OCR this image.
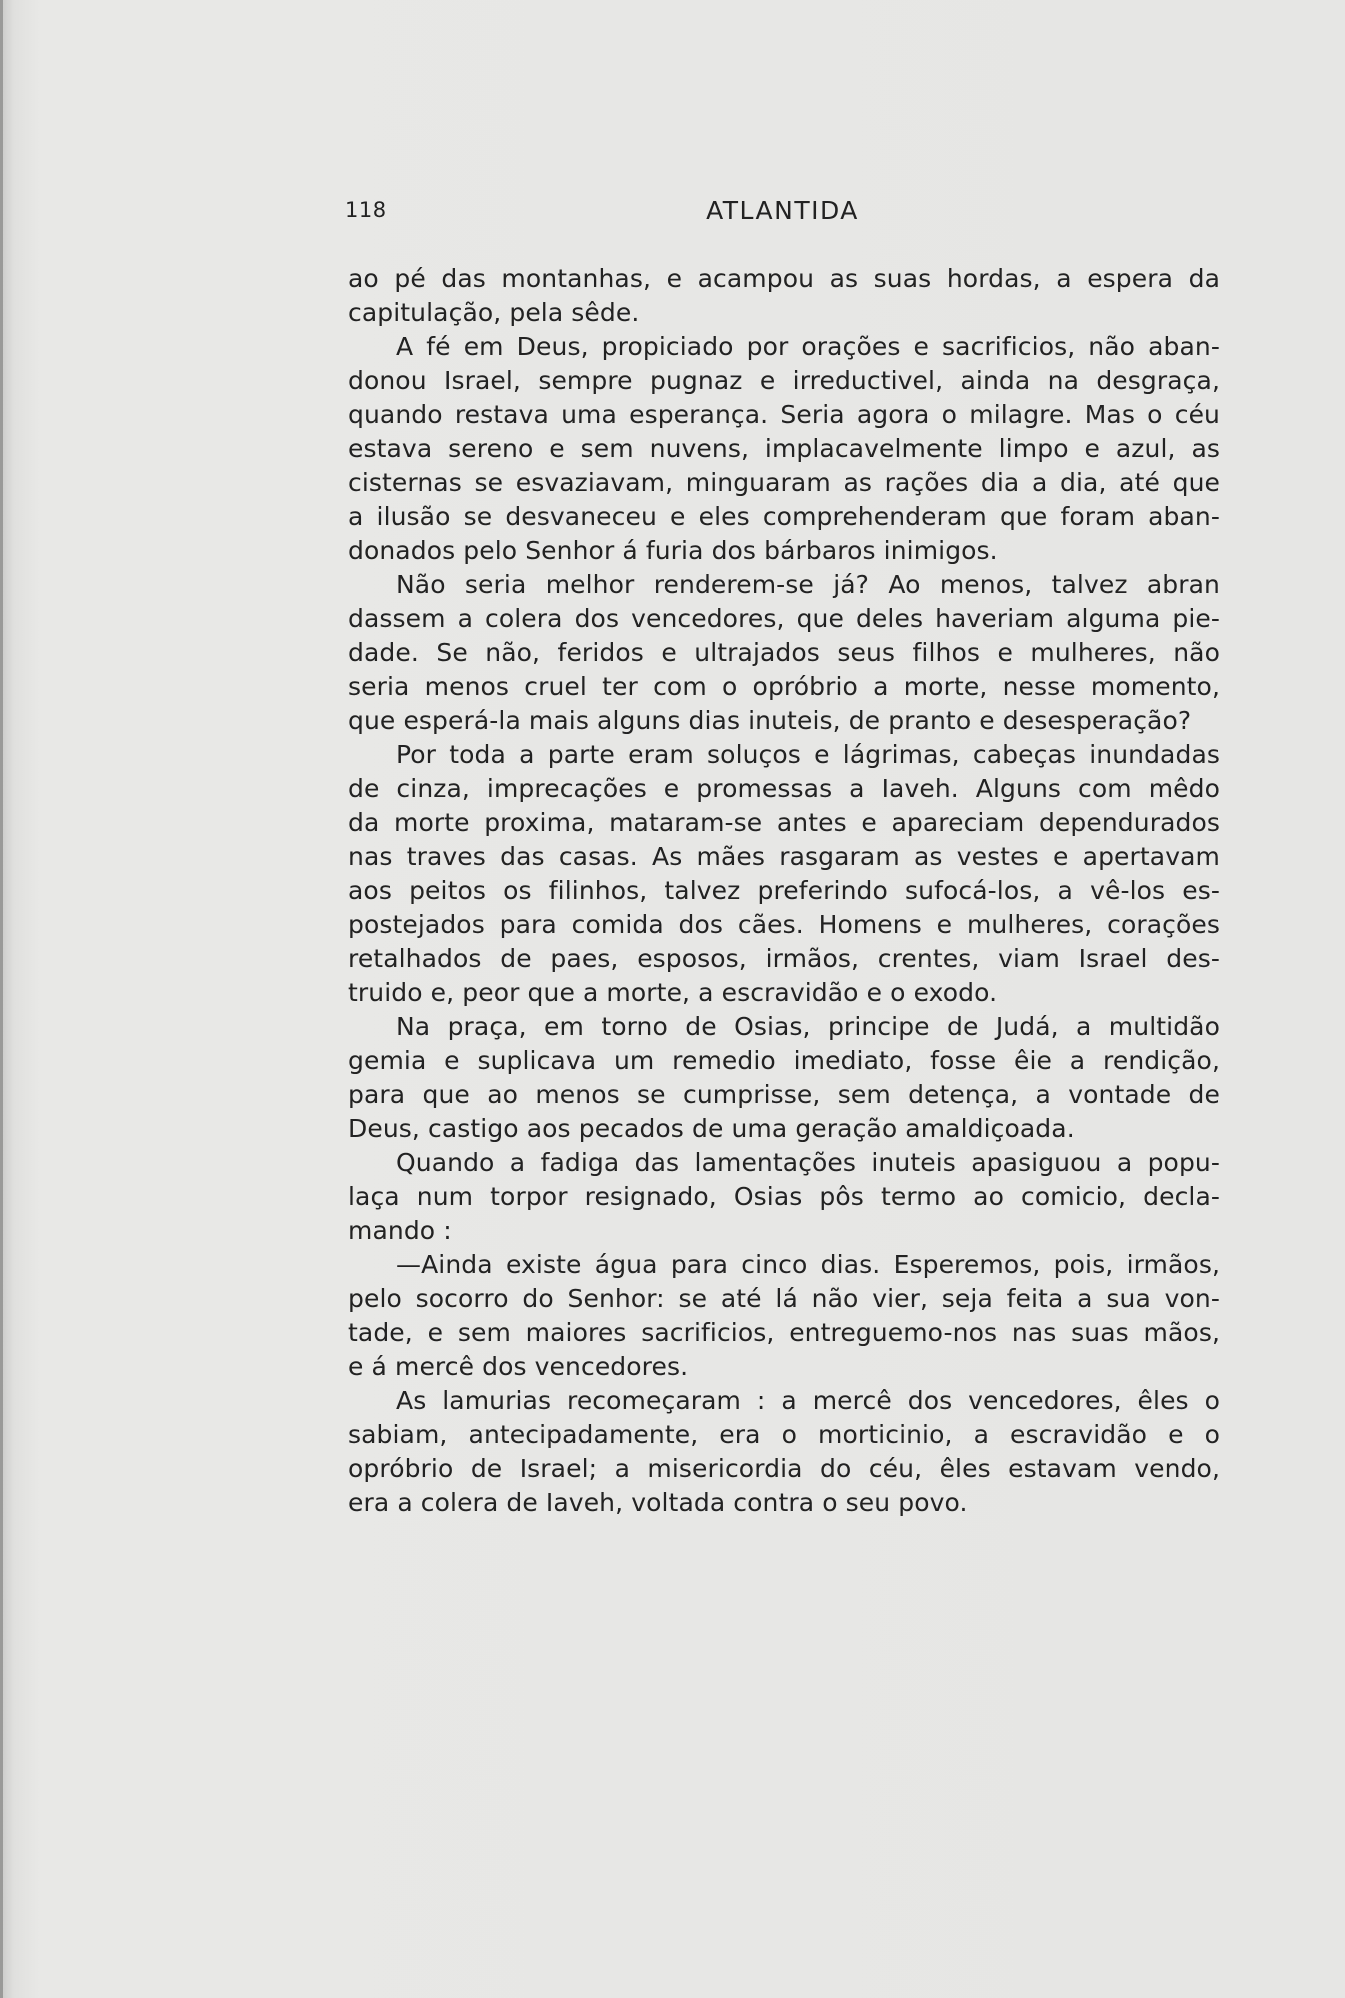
118	ATLANTIDA
ao pé das montanhas, e acampou as suas hordas, a espera da
capitulação, pela sêde.
A fé em Deus, propiciado por orações e sacrificios, não aban-
donou Israel, sempre pugnaz e irreductivel, ainda na desgraça,
quando restava uma esperança. Seria agora o milagre. Mas o céu
estava sereno e sem nuvens, implacavelmente limpo e azul, as
cisternas se esvaziavam, minguaram as rações dia a dia, até que
a ilusão se desvaneceu e eles comprehenderam que foram aban-
donados pelo Senhor á furia dos bárbaros inimigos.
Não seria melhor renderem-se já? Ao menos, talvez abran
dassem a colera dos vencedores, que deles haveriam alguma pie-
dade. Se não, feridos e ultrajados seus filhos e mulheres, não
seria menos cruel ter com o opróbrio a morte, nesse momento,
que esperá-la mais alguns dias inuteis, de pranto e desesperação?
Por toda a parte eram soluços e lágrimas, cabeças inundadas
de cinza, imprecações e promessas a Iaveh. Alguns com mêdo
da morte proxima, mataram-se antes e apareciam dependurados
nas traves das casas. As mães rasgaram as vestes e apertavam
aos peitos os filinhos, talvez preferindo sufocá-los, a vê-los es-
postejados para comida dos cães. Homens e mulheres, corações
retalhados de paes, esposos, irmãos, crentes, viam Israel des-
truido e, peor que a morte, a escravidão e o exodo.
Na praça, em torno de Osias, principe de Judá, a multidão
gemia e suplicava um remedio imediato, fosse êie a rendição,
para que ao menos se cumprisse, sem detença, a vontade de
Deus, castigo aos pecados de uma geração amaldiçoada.
Quando a fadiga das lamentações inuteis apasiguou a popu-
laça num torpor resignado, Osias pôs termo ao comicio, decla-
mando :
—Ainda existe água para cinco dias. Esperemos, pois, irmãos,
pelo socorro do Senhor: se até lá não vier, seja feita a sua von-
tade, e sem maiores sacrificios, entreguemo-nos nas suas mãos,
e á mercê dos vencedores.
As lamurias recomeçaram : a mercê dos vencedores, êles o
sabiam, antecipadamente, era o morticinio, a escravidão e o
opróbrio de Israel; a misericordia do céu, êles estavam vendo,
era a colera de Iaveh, voltada contra o seu povo.
